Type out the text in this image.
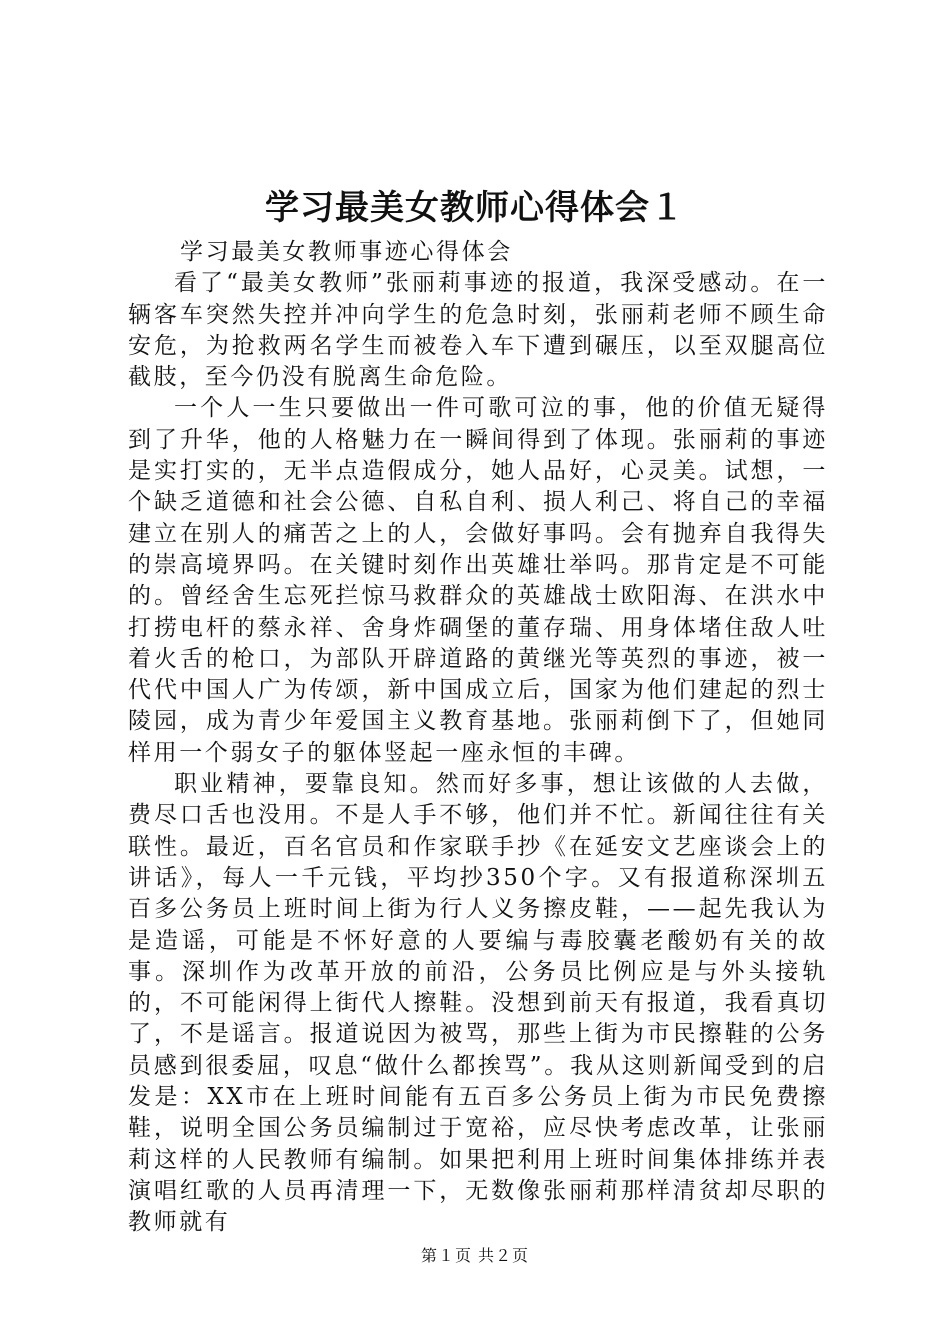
学习最美女教师心得体会１

学习最美女教师事迹心得体会

看了“最美女教师”张丽莉事迹的报道，我深受感动。在一辆客车突然失控并冲向学生的危急时刻，张丽莉老师不顾生命安危，为抢救两名学生而被卷入车下遭到碾压，以至双腿高位截肢，至今仍没有脱离生命危险。

一个人一生只要做出一件可歌可泣的事，他的价值无疑得到了升华，他的人格魅力在一瞬间得到了体现。张丽莉的事迹是实打实的，无半点造假成分，她人品好，心灵美。试想，一个缺乏道德和社会公德、自私自利、损人利己、将自己的幸福建立在别人的痛苦之上的人，会做好事吗。会有抛弃自我得失的崇高境界吗。在关键时刻作出英雄壮举吗。那肯定是不可能的。曾经舍生忘死拦惊马救群众的英雄战士欧阳海、在洪水中打捞电杆的蔡永祥、舍身炸碉堡的董存瑞、用身体堵住敌人吐着火舌的枪口，为部队开辟道路的黄继光等英烈的事迹，被一代代中国人广为传颂，新中国成立后，国家为他们建起的烈士陵园，成为青少年爱国主义教育基地。张丽莉倒下了，但她同样用一个弱女子的躯体竖起一座永恒的丰碑。

职业精神，要靠良知。然而好多事，想让该做的人去做，费尽口舌也没用。不是人手不够，他们并不忙。新闻往往有关联性。最近，百名官员和作家联手抄《在延安文艺座谈会上的讲话》，每人一千元钱，平均抄350个字。又有报道称深圳五百多公务员上班时间上街为行人义务擦皮鞋，——起先我认为是造谣，可能是不怀好意的人要编与毒胶囊老酸奶有关的故事。深圳作为改革开放的前沿，公务员比例应是与外头接轨的，不可能闲得上街代人擦鞋。没想到前天有报道，我看真切了，不是谣言。报道说因为被骂，那些上街为市民擦鞋的公务员感到很委屈，叹息“做什么都挨骂”。我从这则新闻受到的启发是：XX市在上班时间能有五百多公务员上街为市民免费擦鞋，说明全国公务员编制过于宽裕，应尽快考虑改革，让张丽莉这样的人民教师有编制。如果把利用上班时间集体排练并表演唱红歌的人员再清理一下，无数像张丽莉那样清贫却尽职的教师就有

第１页 共２页
